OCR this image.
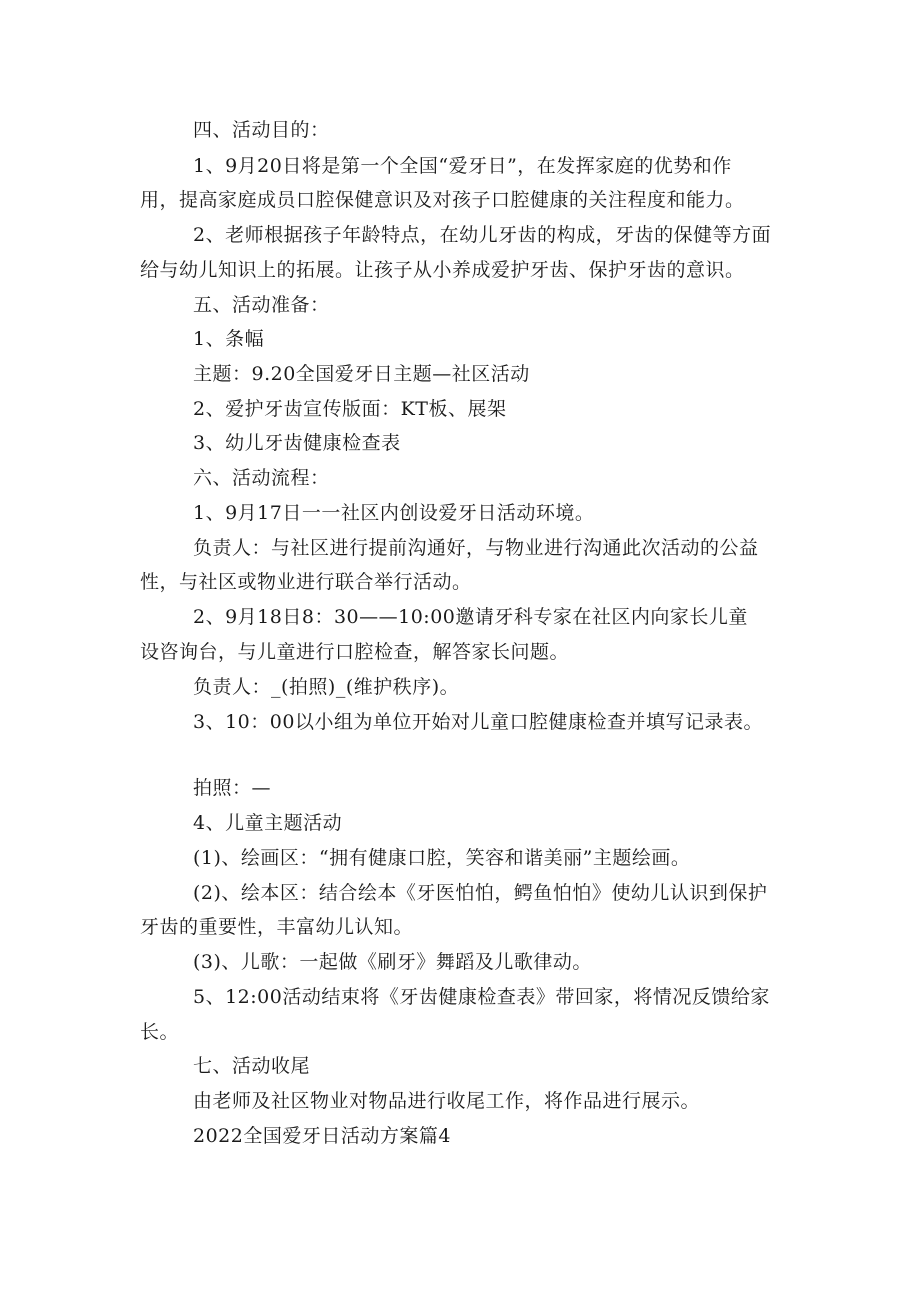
四、活动目的：
1、9月20日将是第一个全国“爱牙日”，在发挥家庭的优势和作
用，提高家庭成员口腔保健意识及对孩子口腔健康的关注程度和能力。
2、老师根据孩子年龄特点，在幼儿牙齿的构成，牙齿的保健等方面
给与幼儿知识上的拓展。让孩子从小养成爱护牙齿、保护牙齿的意识。
五、活动准备：
1、条幅
主题：9.20全国爱牙日主题—社区活动
2、爱护牙齿宣传版面：KT板、展架
3、幼儿牙齿健康检查表
六、活动流程：
1、9月17日一一社区内创设爱牙日活动环境。
负责人：与社区进行提前沟通好，与物业进行沟通此次活动的公益
性，与社区或物业进行联合举行活动。
2、9月18日8：30——10:00邀请牙科专家在社区内向家长儿童
设咨询台，与儿童进行口腔检查，解答家长问题。
负责人：_(拍照)_(维护秩序)。
3、10：00以小组为单位开始对儿童口腔健康检查并填写记录表。
拍照：—
4、儿童主题活动
(1)、绘画区：“拥有健康口腔，笑容和谐美丽”主题绘画。
(2)、绘本区：结合绘本《牙医怕怕，鳄鱼怕怕》使幼儿认识到保护
牙齿的重要性，丰富幼儿认知。
(3)、儿歌：一起做《刷牙》舞蹈及儿歌律动。
5、12:00活动结束将《牙齿健康检查表》带回家，将情况反馈给家
长。
七、活动收尾
由老师及社区物业对物品进行收尾工作，将作品进行展示。
2022全国爱牙日活动方案篇4
